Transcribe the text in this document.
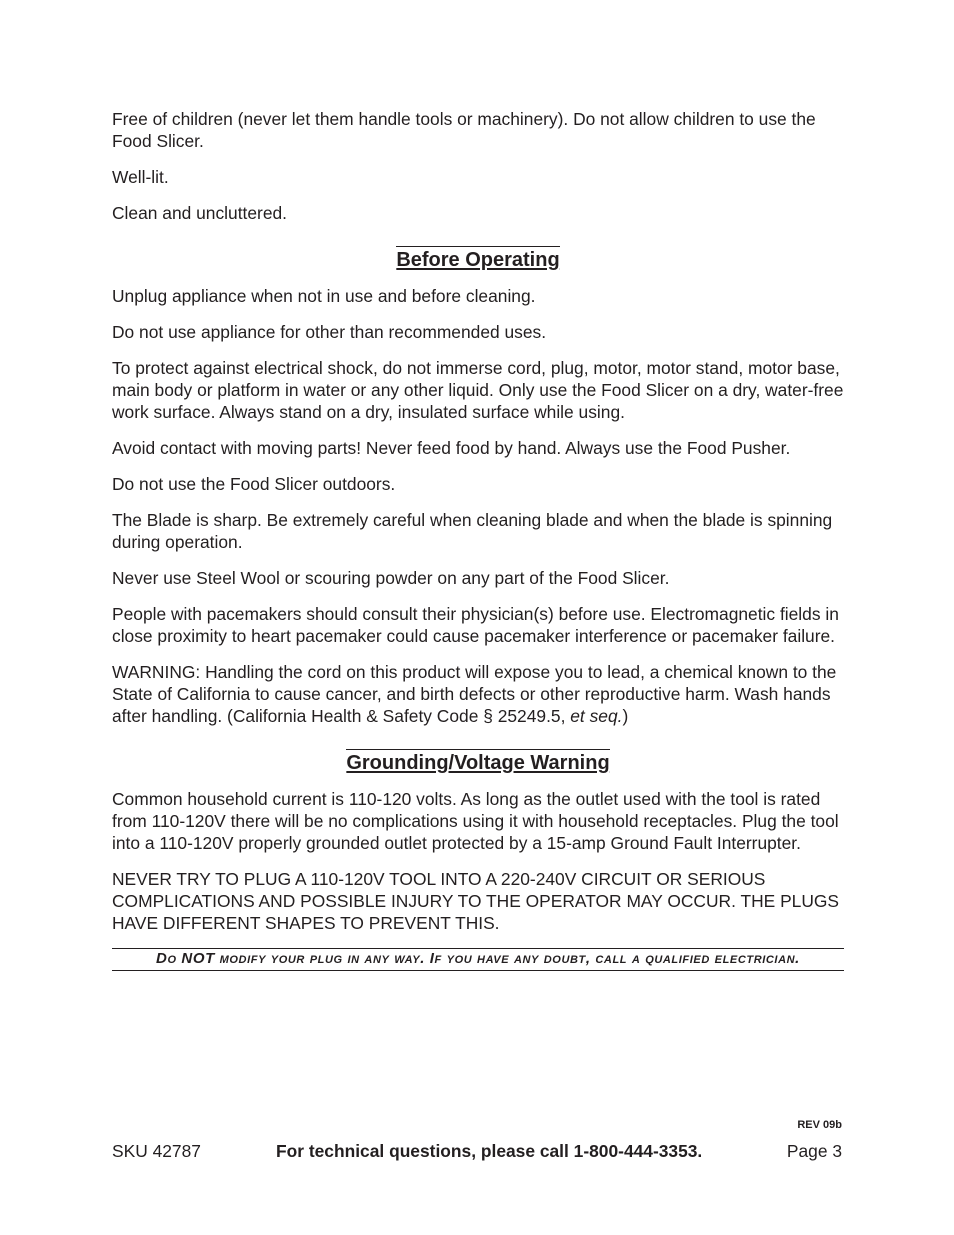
Free of children (never let them handle tools or machinery). Do not allow children to use the Food Slicer.

Well-lit.

Clean and uncluttered.

Before Operating

Unplug appliance when not in use and before cleaning.

Do not use appliance for other than recommended uses.

To protect against electrical shock, do not immerse cord, plug, motor, motor stand, motor base, main body or platform in water or any other liquid. Only use the Food Slicer on a dry, water-free work surface. Always stand on a dry, insulated surface while using.

Avoid contact with moving parts! Never feed food by hand. Always use the Food Pusher.

Do not use the Food Slicer outdoors.

The Blade is sharp. Be extremely careful when cleaning blade and when the blade is spinning during operation.

Never use Steel Wool or scouring powder on any part of the Food Slicer.

People with pacemakers should consult their physician(s) before use. Electromagnetic fields in close proximity to heart pacemaker could cause pacemaker interference or pacemaker failure.

WARNING: Handling the cord on this product will expose you to lead, a chemical known to the State of California to cause cancer, and birth defects or other reproductive harm. Wash hands after handling. (California Health & Safety Code § 25249.5, et seq.)

Grounding/Voltage Warning

Common household current is 110-120 volts. As long as the outlet used with the tool is rated from 110-120V there will be no complications using it with household receptacles. Plug the tool into a 110-120V properly grounded outlet protected by a 15-amp Ground Fault Interrupter.

NEVER TRY TO PLUG A 110-120V TOOL INTO A 220-240V CIRCUIT OR SERIOUS COMPLICATIONS AND POSSIBLE INJURY TO THE OPERATOR MAY OCCUR. THE PLUGS HAVE DIFFERENT SHAPES TO PREVENT THIS.

Do NOT modify your plug in any way. If you have any doubt, call a qualified electrician.
REV 09b
SKU 42787	For technical questions, please call 1-800-444-3353.	Page 3
